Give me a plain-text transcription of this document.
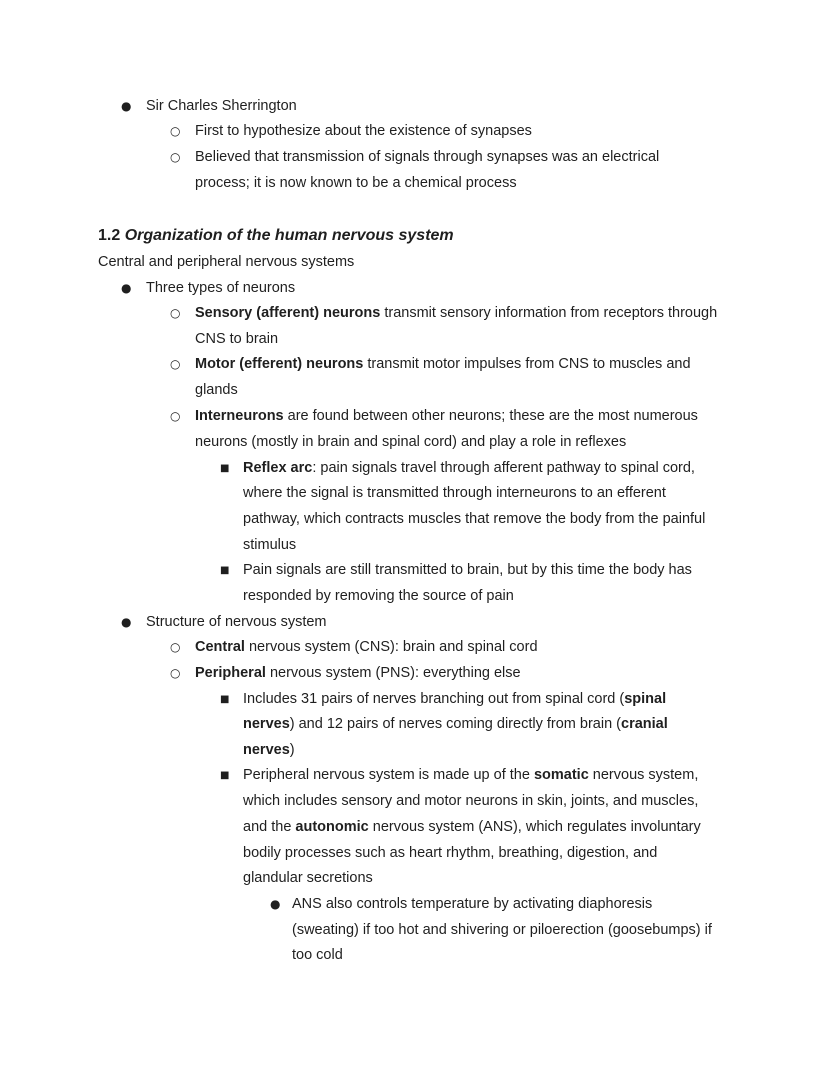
● Sir Charles Sherrington
○ First to hypothesize about the existence of synapses
○ Believed that transmission of signals through synapses was an electrical
process; it is now known to be a chemical process
1.2 Organization of the human nervous system
Central and peripheral nervous systems
● Three types of neurons
○ Sensory (afferent) neurons transmit sensory information from receptors through
CNS to brain
○ Motor (efferent) neurons transmit motor impulses from CNS to muscles and
glands
○ Interneurons are found between other neurons; these are the most numerous
neurons (mostly in brain and spinal cord) and play a role in reflexes
■ Reflex arc: pain signals travel through afferent pathway to spinal cord,
where the signal is transmitted through interneurons to an efferent
pathway, which contracts muscles that remove the body from the painful
stimulus
■ Pain signals are still transmitted to brain, but by this time the body has
responded by removing the source of pain
● Structure of nervous system
○ Central nervous system (CNS): brain and spinal cord
○ Peripheral nervous system (PNS): everything else
■ Includes 31 pairs of nerves branching out from spinal cord (spinal
nerves) and 12 pairs of nerves coming directly from brain (cranial
nerves)
■ Peripheral nervous system is made up of the somatic nervous system,
which includes sensory and motor neurons in skin, joints, and muscles,
and the autonomic nervous system (ANS), which regulates involuntary
bodily processes such as heart rhythm, breathing, digestion, and
glandular secretions
● ANS also controls temperature by activating diaphoresis
(sweating) if too hot and shivering or piloerection (goosebumps) if
too cold
